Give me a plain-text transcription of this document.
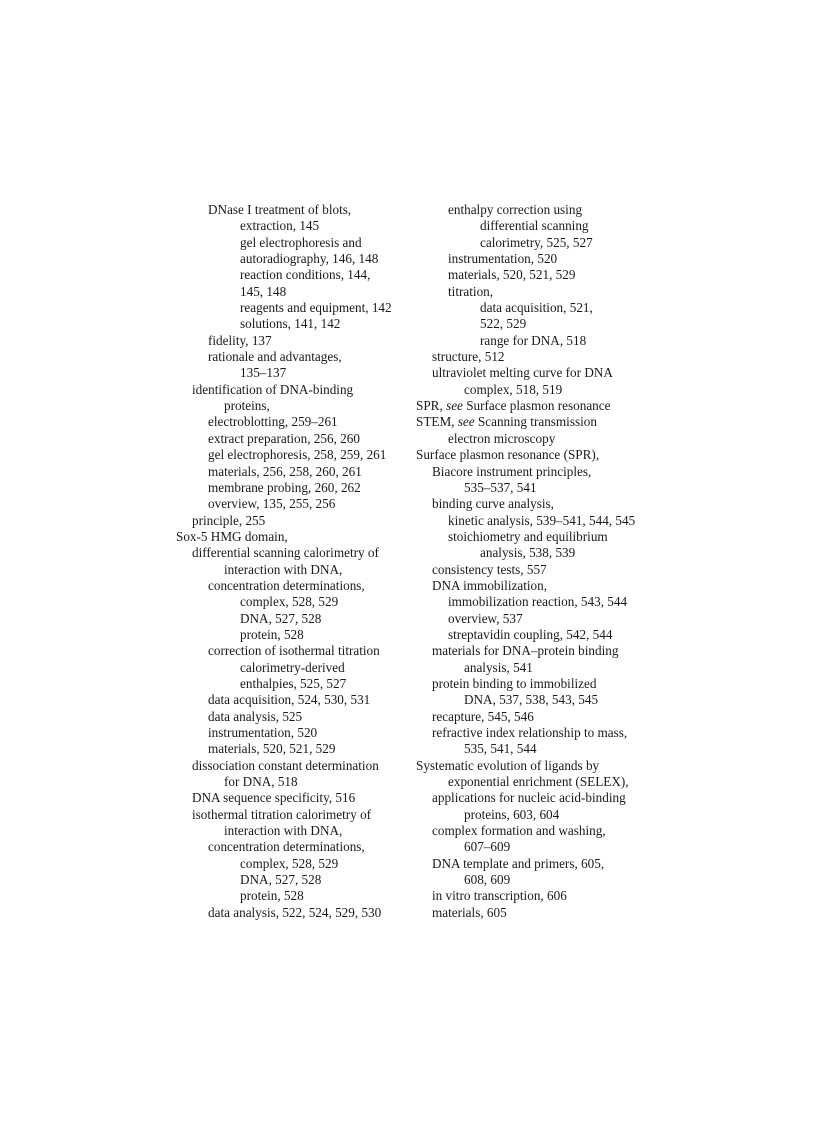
DNase I treatment of blots,
extraction, 145
gel electrophoresis and
autoradiography, 146, 148
reaction conditions, 144,
145, 148
reagents and equipment, 142
solutions, 141, 142
fidelity, 137
rationale and advantages,
135–137
identification of DNA-binding
proteins,
electroblotting, 259–261
extract preparation, 256, 260
gel electrophoresis, 258, 259, 261
materials, 256, 258, 260, 261
membrane probing, 260, 262
overview, 135, 255, 256
principle, 255
Sox-5 HMG domain,
differential scanning calorimetry of
interaction with DNA,
concentration determinations,
complex, 528, 529
DNA, 527, 528
protein, 528
correction of isothermal titration
calorimetry-derived
enthalpies, 525, 527
data acquisition, 524, 530, 531
data analysis, 525
instrumentation, 520
materials, 520, 521, 529
dissociation constant determination
for DNA, 518
DNA sequence specificity, 516
isothermal titration calorimetry of
interaction with DNA,
concentration determinations,
complex, 528, 529
DNA, 527, 528
protein, 528
data analysis, 522, 524, 529, 530
enthalpy correction using
differential scanning
calorimetry, 525, 527
instrumentation, 520
materials, 520, 521, 529
titration,
data acquisition, 521,
522, 529
range for DNA, 518
structure, 512
ultraviolet melting curve for DNA
complex, 518, 519
SPR, see Surface plasmon resonance
STEM, see Scanning transmission
electron microscopy
Surface plasmon resonance (SPR),
Biacore instrument principles,
535–537, 541
binding curve analysis,
kinetic analysis, 539–541, 544, 545
stoichiometry and equilibrium
analysis, 538, 539
consistency tests, 557
DNA immobilization,
immobilization reaction, 543, 544
overview, 537
streptavidin coupling, 542, 544
materials for DNA–protein binding
analysis, 541
protein binding to immobilized
DNA, 537, 538, 543, 545
recapture, 545, 546
refractive index relationship to mass,
535, 541, 544
Systematic evolution of ligands by
exponential enrichment (SELEX),
applications for nucleic acid-binding
proteins, 603, 604
complex formation and washing,
607–609
DNA template and primers, 605,
608, 609
in vitro transcription, 606
materials, 605
